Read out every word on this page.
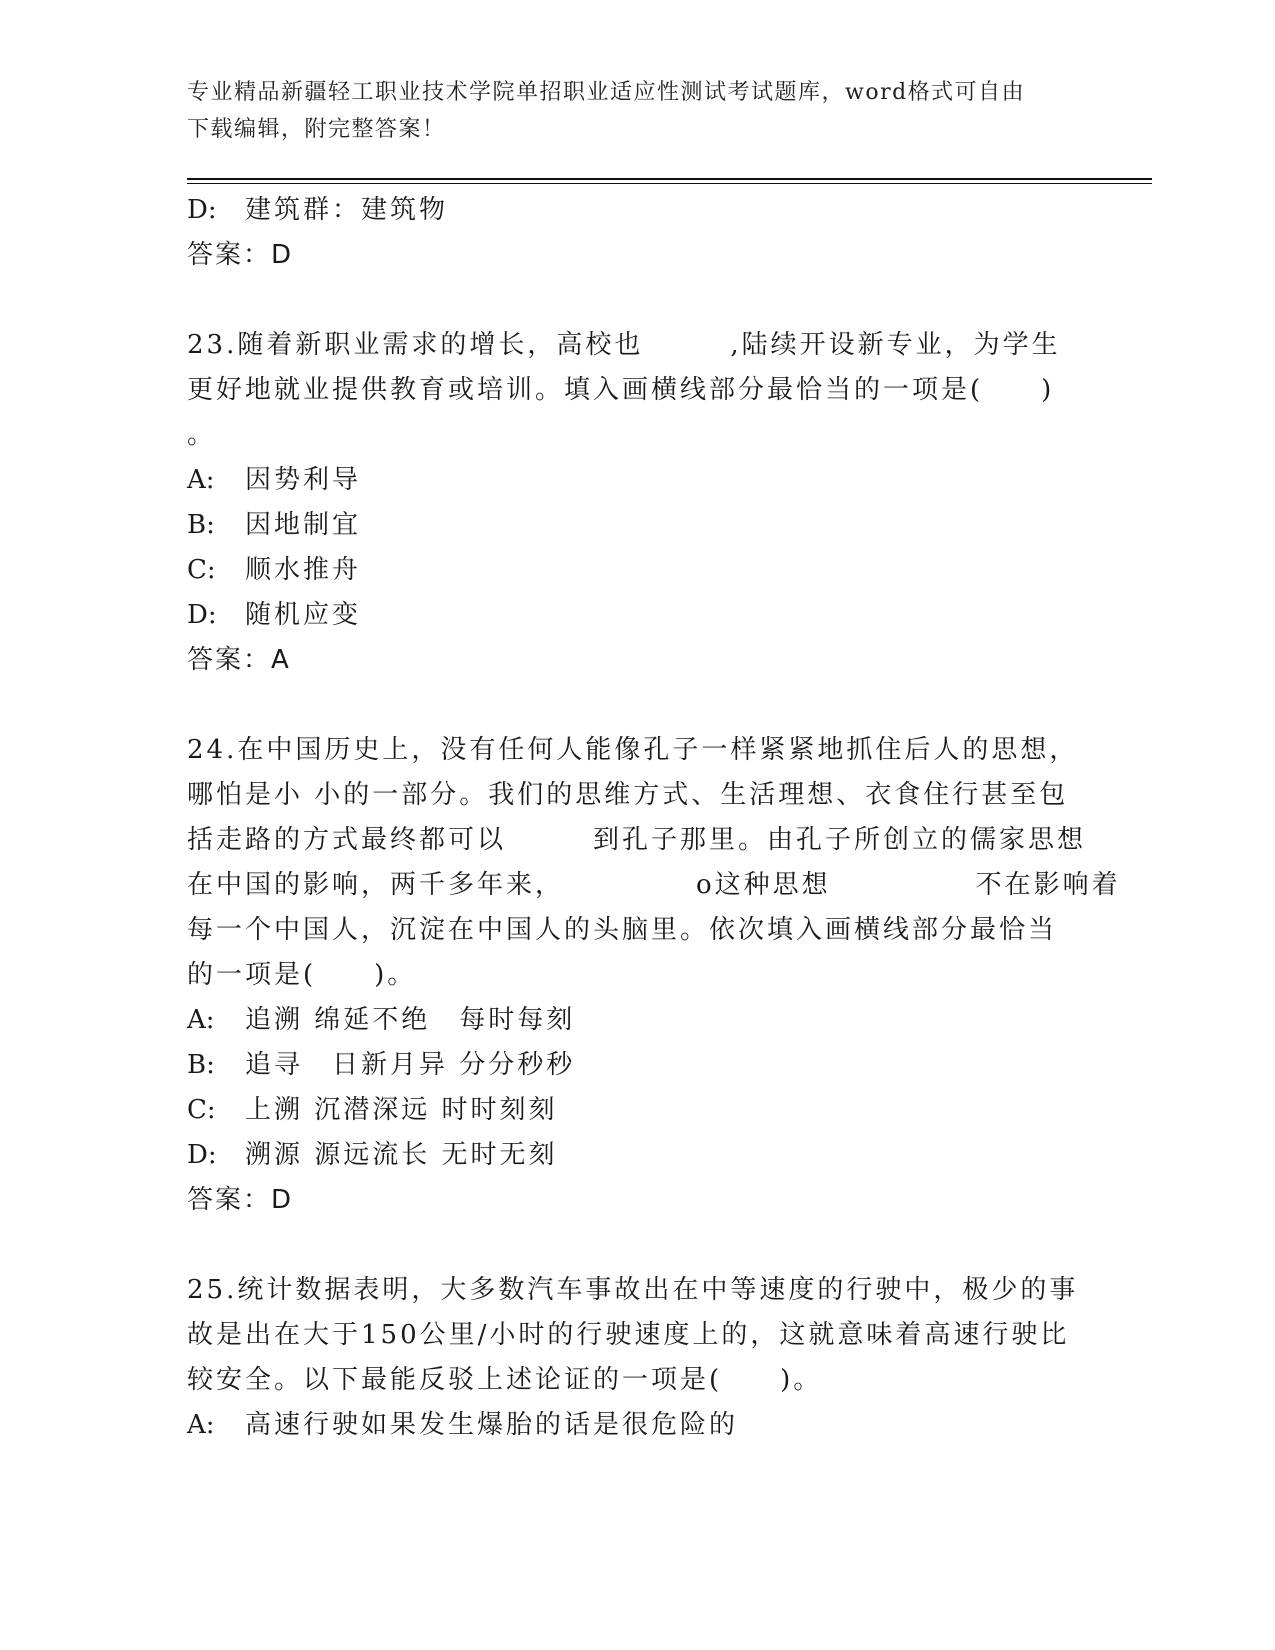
专业精品新疆轻工职业技术学院单招职业适应性测试考试题库，word格式可自由
下载编辑，附完整答案！
D: 建筑群：建筑物
答案：D
23.随着新职业需求的增长，高校也　　　,陆续开设新专业，为学生
更好地就业提供教育或培训。填入画横线部分最恰当的一项是(　　)
。
A: 因势利导
B: 因地制宜
C: 顺水推舟
D: 随机应变
答案：A
24.在中国历史上，没有任何人能像孔子一样紧紧地抓住后人的思想，
哪怕是小 小的一部分。我们的思维方式、生活理想、衣食住行甚至包
括走路的方式最终都可以　　　到孔子那里。由孔子所创立的儒家思想
在中国的影响，两千多年来，　　　　　o这种思想　　　　　不在影响着
每一个中国人，沉淀在中国人的头脑里。依次填入画横线部分最恰当
的一项是(　　)。
A: 追溯 绵延不绝　每时每刻
B: 追寻　日新月异 分分秒秒
C: 上溯 沉潜深远 时时刻刻
D: 溯源 源远流长 无时无刻
答案：D
25.统计数据表明，大多数汽车事故出在中等速度的行驶中，极少的事
故是出在大于150公里/小时的行驶速度上的，这就意味着高速行驶比
较安全。以下最能反驳上述论证的一项是(　　)。
A: 高速行驶如果发生爆胎的话是很危险的
